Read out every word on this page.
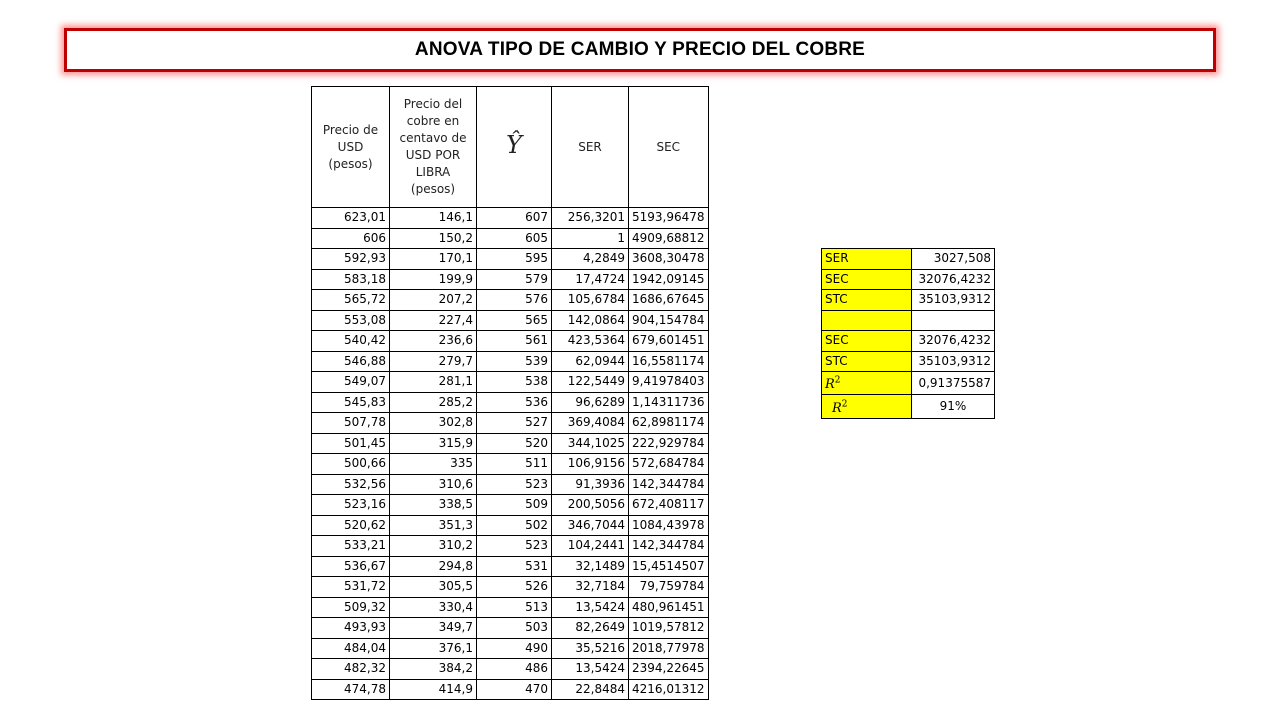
ANOVA TIPO DE CAMBIO Y PRECIO DEL COBRE
Precio de USD (pesos)	Precio del cobre en centavo de USD POR LIBRA (pesos)	Ŷ	SER	SEC
623,01	146,1	607	256,3201	5193,96478
606	150,2	605	1	4909,68812
592,93	170,1	595	4,2849	3608,30478
583,18	199,9	579	17,4724	1942,09145
565,72	207,2	576	105,6784	1686,67645
553,08	227,4	565	142,0864	904,154784
540,42	236,6	561	423,5364	679,601451
546,88	279,7	539	62,0944	16,5581174
549,07	281,1	538	122,5449	9,41978403
545,83	285,2	536	96,6289	1,14311736
507,78	302,8	527	369,4084	62,8981174
501,45	315,9	520	344,1025	222,929784
500,66	335	511	106,9156	572,684784
532,56	310,6	523	91,3936	142,344784
523,16	338,5	509	200,5056	672,408117
520,62	351,3	502	346,7044	1084,43978
533,21	310,2	523	104,2441	142,344784
536,67	294,8	531	32,1489	15,4514507
531,72	305,5	526	32,7184	79,759784
509,32	330,4	513	13,5424	480,961451
493,93	349,7	503	82,2649	1019,57812
484,04	376,1	490	35,5216	2018,77978
482,32	384,2	486	13,5424	2394,22645
474,78	414,9	470	22,8484	4216,01312
SER	3027,508
SEC	32076,4232
STC	35103,9312

SEC	32076,4232
STC	35103,9312
$R^2$	0,91375587
$R^2$	91%
